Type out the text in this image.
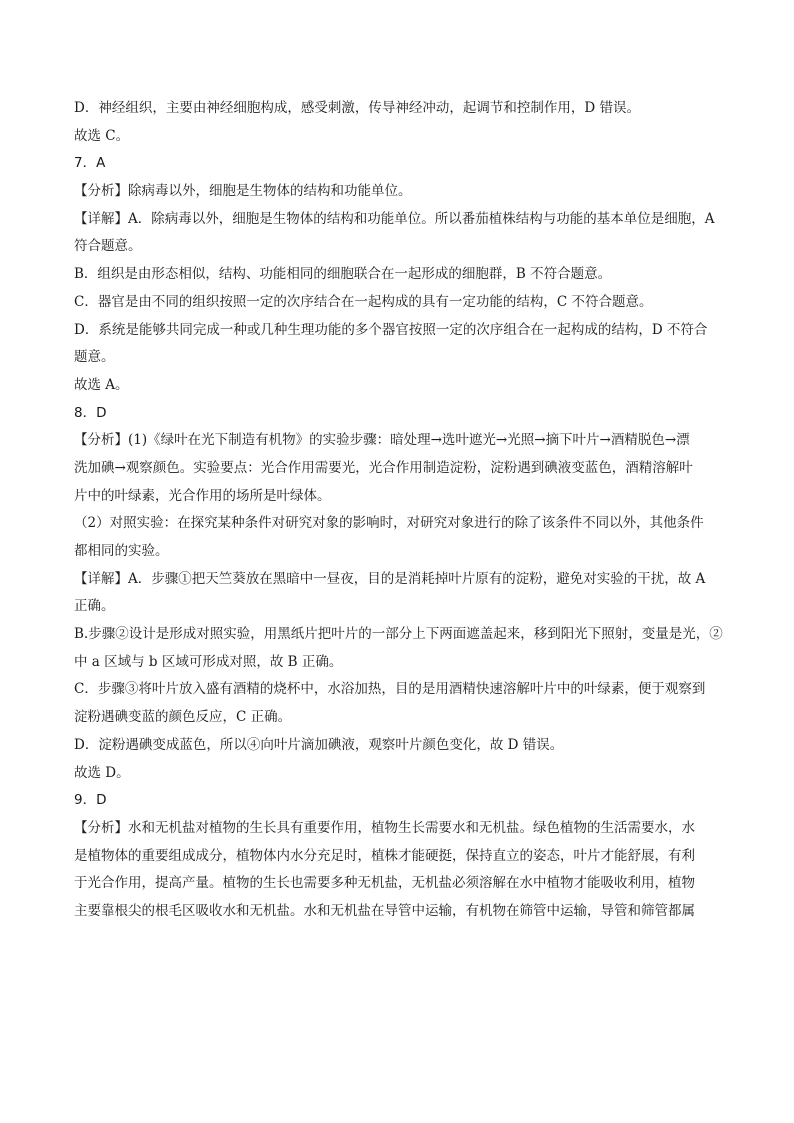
D．神经组织，主要由神经细胞构成，感受刺激，传导神经冲动，起调节和控制作用，D 错误。
故选 C。
7．A
【分析】除病毒以外，细胞是生物体的结构和功能单位。
【详解】A．除病毒以外，细胞是生物体的结构和功能单位。所以番茄植株结构与功能的基本单位是细胞，A
符合题意。
B．组织是由形态相似，结构、功能相同的细胞联合在一起形成的细胞群，B 不符合题意。
C．器官是由不同的组织按照一定的次序结合在一起构成的具有一定功能的结构，C 不符合题意。
D．系统是能够共同完成一种或几种生理功能的多个器官按照一定的次序组合在一起构成的结构，D 不符合
题意。
故选 A。
8．D
【分析】(1)《绿叶在光下制造有机物》的实验步骤：暗处理→选叶遮光→光照→摘下叶片→酒精脱色→漂
洗加碘→观察颜色。实验要点：光合作用需要光，光合作用制造淀粉，淀粉遇到碘液变蓝色，酒精溶解叶
片中的叶绿素，光合作用的场所是叶绿体。
（2）对照实验：在探究某种条件对研究对象的影响时，对研究对象进行的除了该条件不同以外，其他条件
都相同的实验。
【详解】A．步骤①把天竺葵放在黑暗中一昼夜，目的是消耗掉叶片原有的淀粉，避免对实验的干扰，故 A
正确。
B.步骤②设计是形成对照实验，用黑纸片把叶片的一部分上下两面遮盖起来，移到阳光下照射，变量是光，②
中 a 区域与 b 区域可形成对照，故 B 正确。
C．步骤③将叶片放入盛有酒精的烧杯中，水浴加热，目的是用酒精快速溶解叶片中的叶绿素，便于观察到
淀粉遇碘变蓝的颜色反应，C 正确。
D．淀粉遇碘变成蓝色，所以④向叶片滴加碘液，观察叶片颜色变化，故 D 错误。
故选 D。
9．D
【分析】水和无机盐对植物的生长具有重要作用，植物生长需要水和无机盐。绿色植物的生活需要水，水
是植物体的重要组成成分，植物体内水分充足时，植株才能硬挺，保持直立的姿态，叶片才能舒展，有利
于光合作用，提高产量。植物的生长也需要多种无机盐，无机盐必须溶解在水中植物才能吸收利用，植物
主要靠根尖的根毛区吸收水和无机盐。水和无机盐在导管中运输，有机物在筛管中运输，导管和筛管都属
